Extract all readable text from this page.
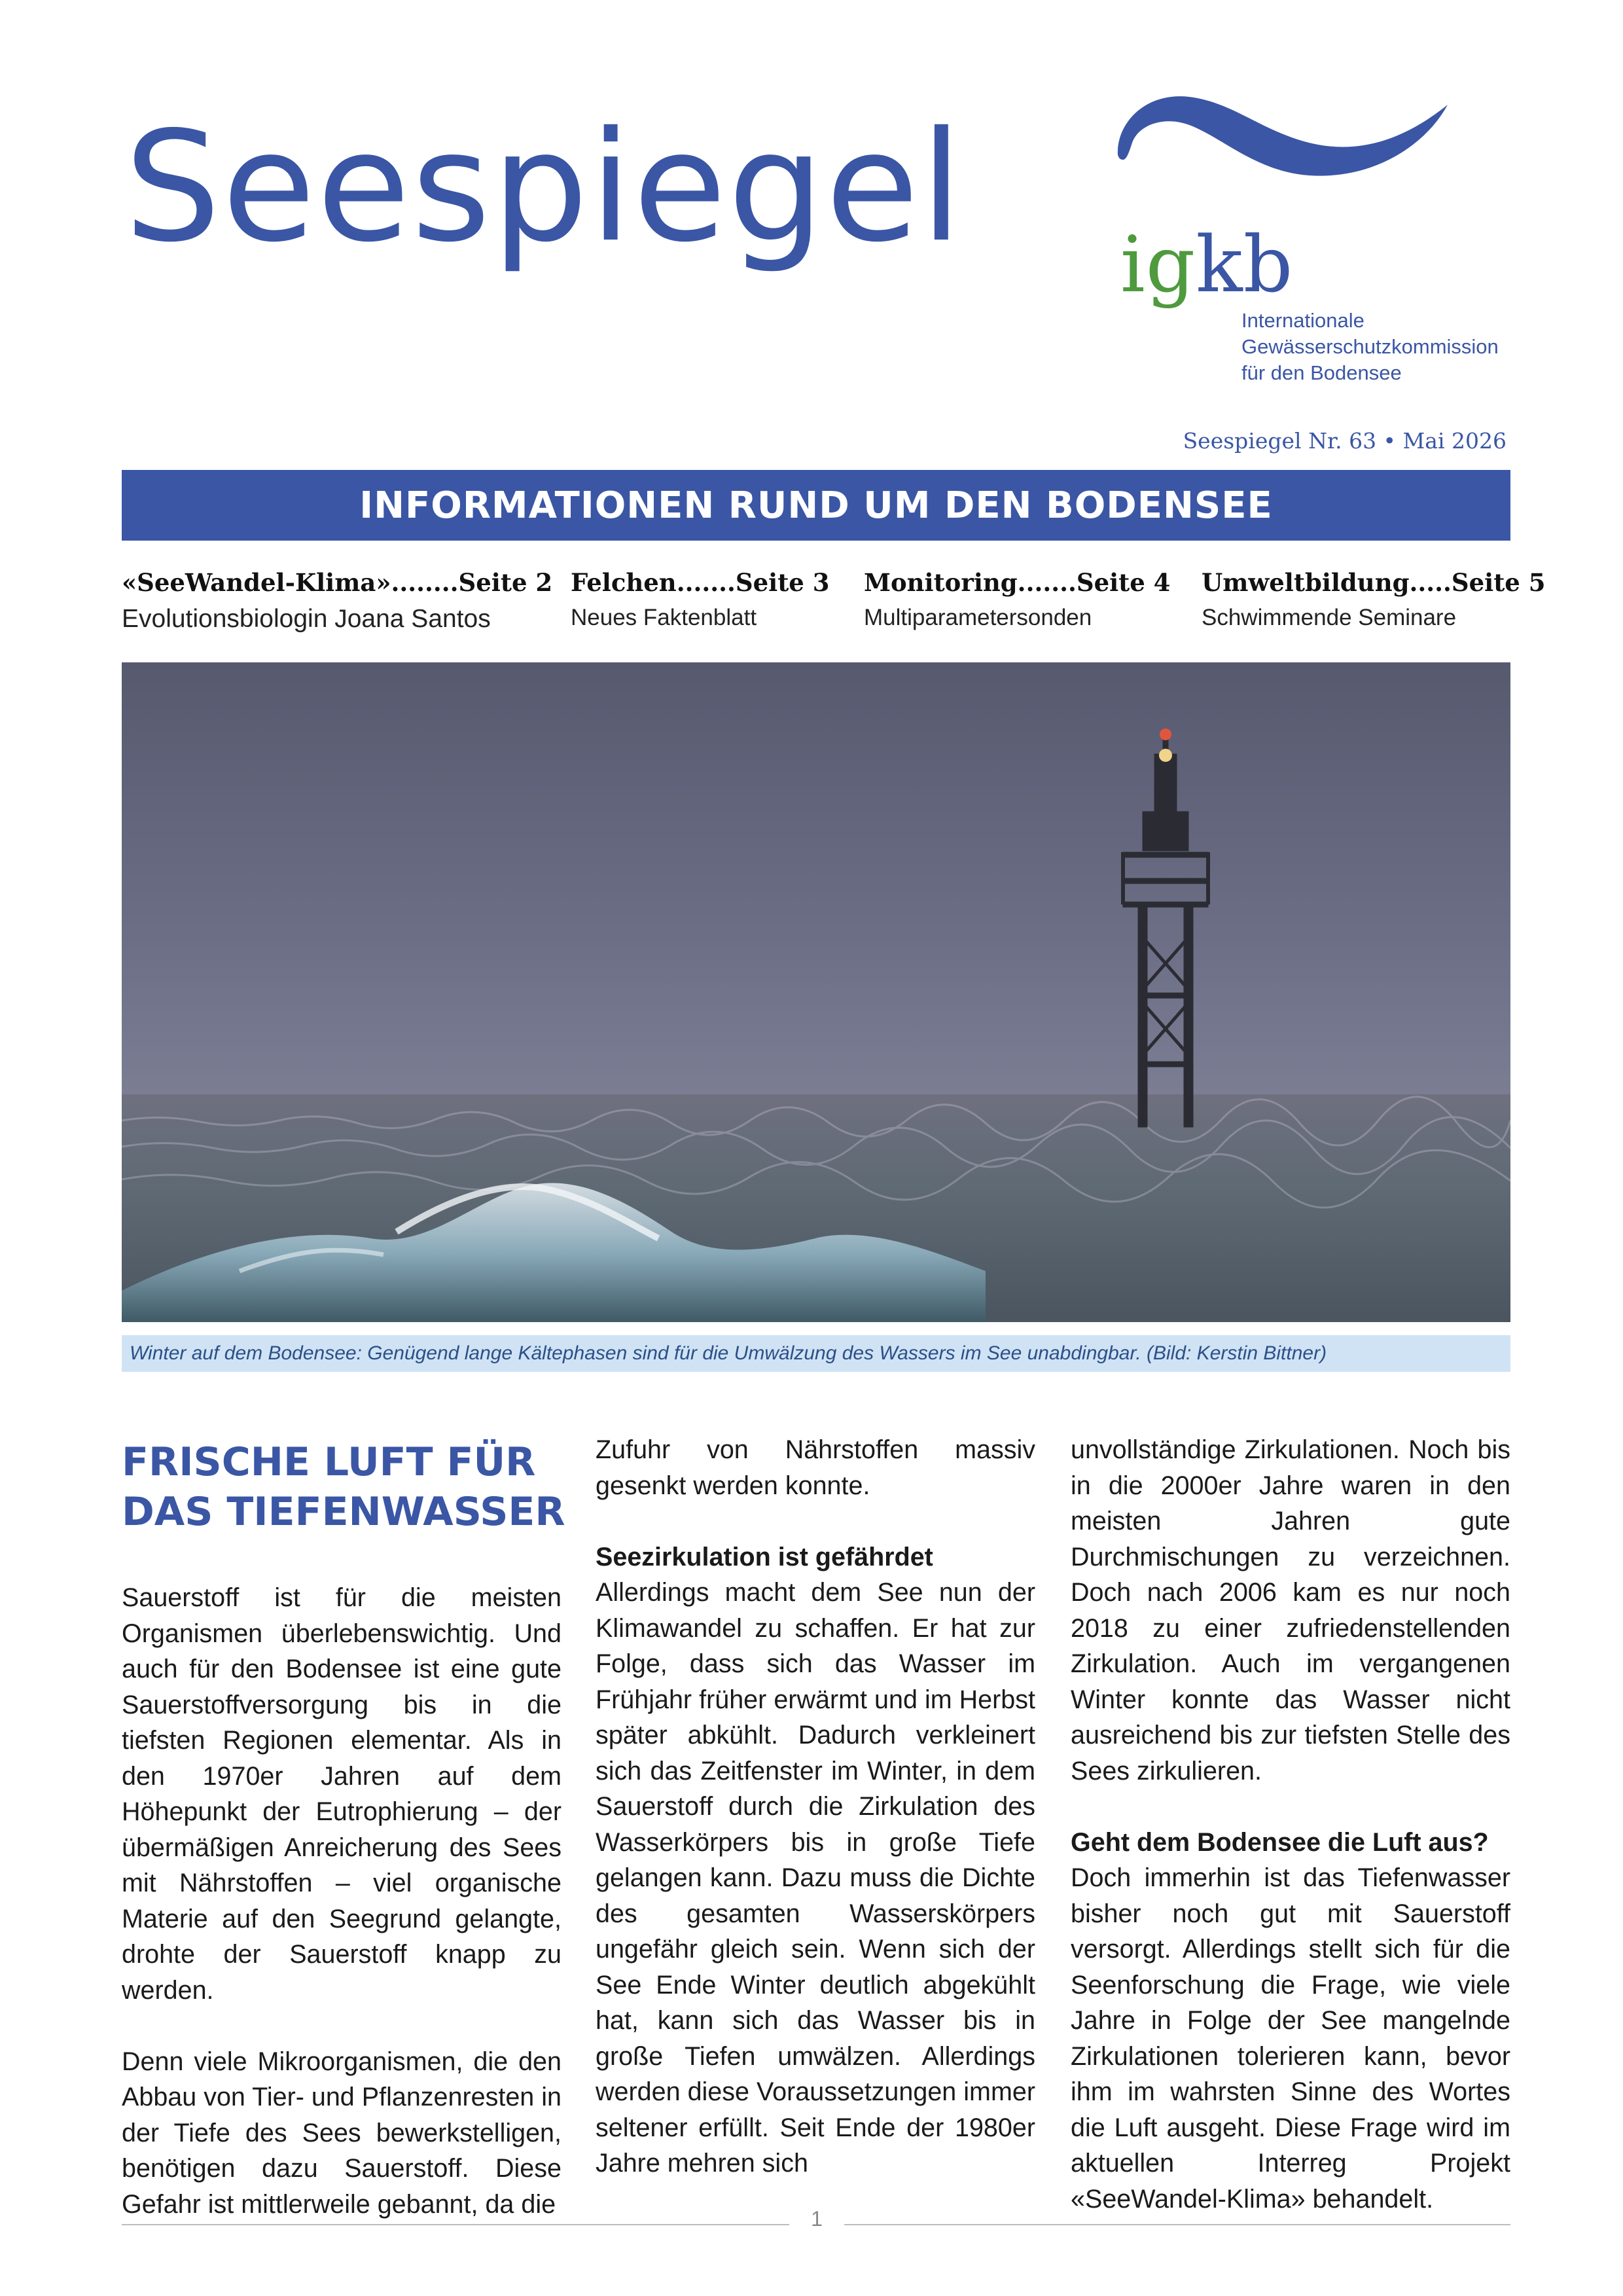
Seespiegel igkb
Internationale
Gewässerschutzkommission
für den Bodensee
Seespiegel Nr. 63 • Mai 2026
INFORMATIONEN RUND UM DEN BODENSEE
«SeeWandel-Klima»........Seite 2
Evolutionsbiologin Joana Santos
Felchen.......Seite 3
Neues Faktenblatt
Monitoring.......Seite 4
Multiparametersonden
Umweltbildung.....Seite 5
Schwimmende Seminare
Winter auf dem Bodensee: Genügend lange Kältephasen sind für die Umwälzung des Wassers im See unabdingbar. (Bild: Kerstin Bittner)
FRISCHE LUFT FÜR
DAS TIEFENWASSER

Sauerstoff ist für die meisten Organismen überlebenswichtig. Und auch für den Bodensee ist eine gute Sauerstoffversorgung bis in die tiefsten Regionen elementar. Als in den 1970er Jahren auf dem Höhepunkt der Eutrophierung – der übermäßigen Anreicherung des Sees mit Nährstoffen – viel organische Materie auf den Seegrund gelangte, drohte der Sauerstoff knapp zu werden.

Denn viele Mikroorganismen, die den Abbau von Tier- und Pflanzenresten in der Tiefe des Sees bewerkstelligen, benötigen dazu Sauerstoff. Diese Gefahr ist mittlerweile gebannt, da die

Zufuhr von Nährstoffen massiv gesenkt werden konnte.

Seezirkulation ist gefährdet

Allerdings macht dem See nun der Klimawandel zu schaffen. Er hat zur Folge, dass sich das Wasser im Frühjahr früher erwärmt und im Herbst später abkühlt. Dadurch verkleinert sich das Zeitfenster im Winter, in dem Sauerstoff durch die Zirkulation des Wasserkörpers bis in große Tiefe gelangen kann. Dazu muss die Dichte des gesamten Wasserskörpers ungefähr gleich sein. Wenn sich der See Ende Winter deutlich abgekühlt hat, kann sich das Wasser bis in große Tiefen umwälzen. Allerdings werden diese Voraussetzungen immer seltener erfüllt. Seit Ende der 1980er Jahre mehren sich

unvollständige Zirkulationen. Noch bis in die 2000er Jahre waren in den meisten Jahren gute Durchmischungen zu verzeichnen. Doch nach 2006 kam es nur noch 2018 zu einer zufriedenstellenden Zirkulation. Auch im vergangenen Winter konnte das Wasser nicht ausreichend bis zur tiefsten Stelle des Sees zirkulieren.

Geht dem Bodensee die Luft aus?

Doch immerhin ist das Tiefenwasser bisher noch gut mit Sauerstoff versorgt. Allerdings stellt sich für die Seenforschung die Frage, wie viele Jahre in Folge der See mangelnde Zirkulationen tolerieren kann, bevor ihm im wahrsten Sinne des Wortes die Luft ausgeht. Diese Frage wird im aktuellen Interreg Projekt «SeeWandel-Klima» behandelt.

1
